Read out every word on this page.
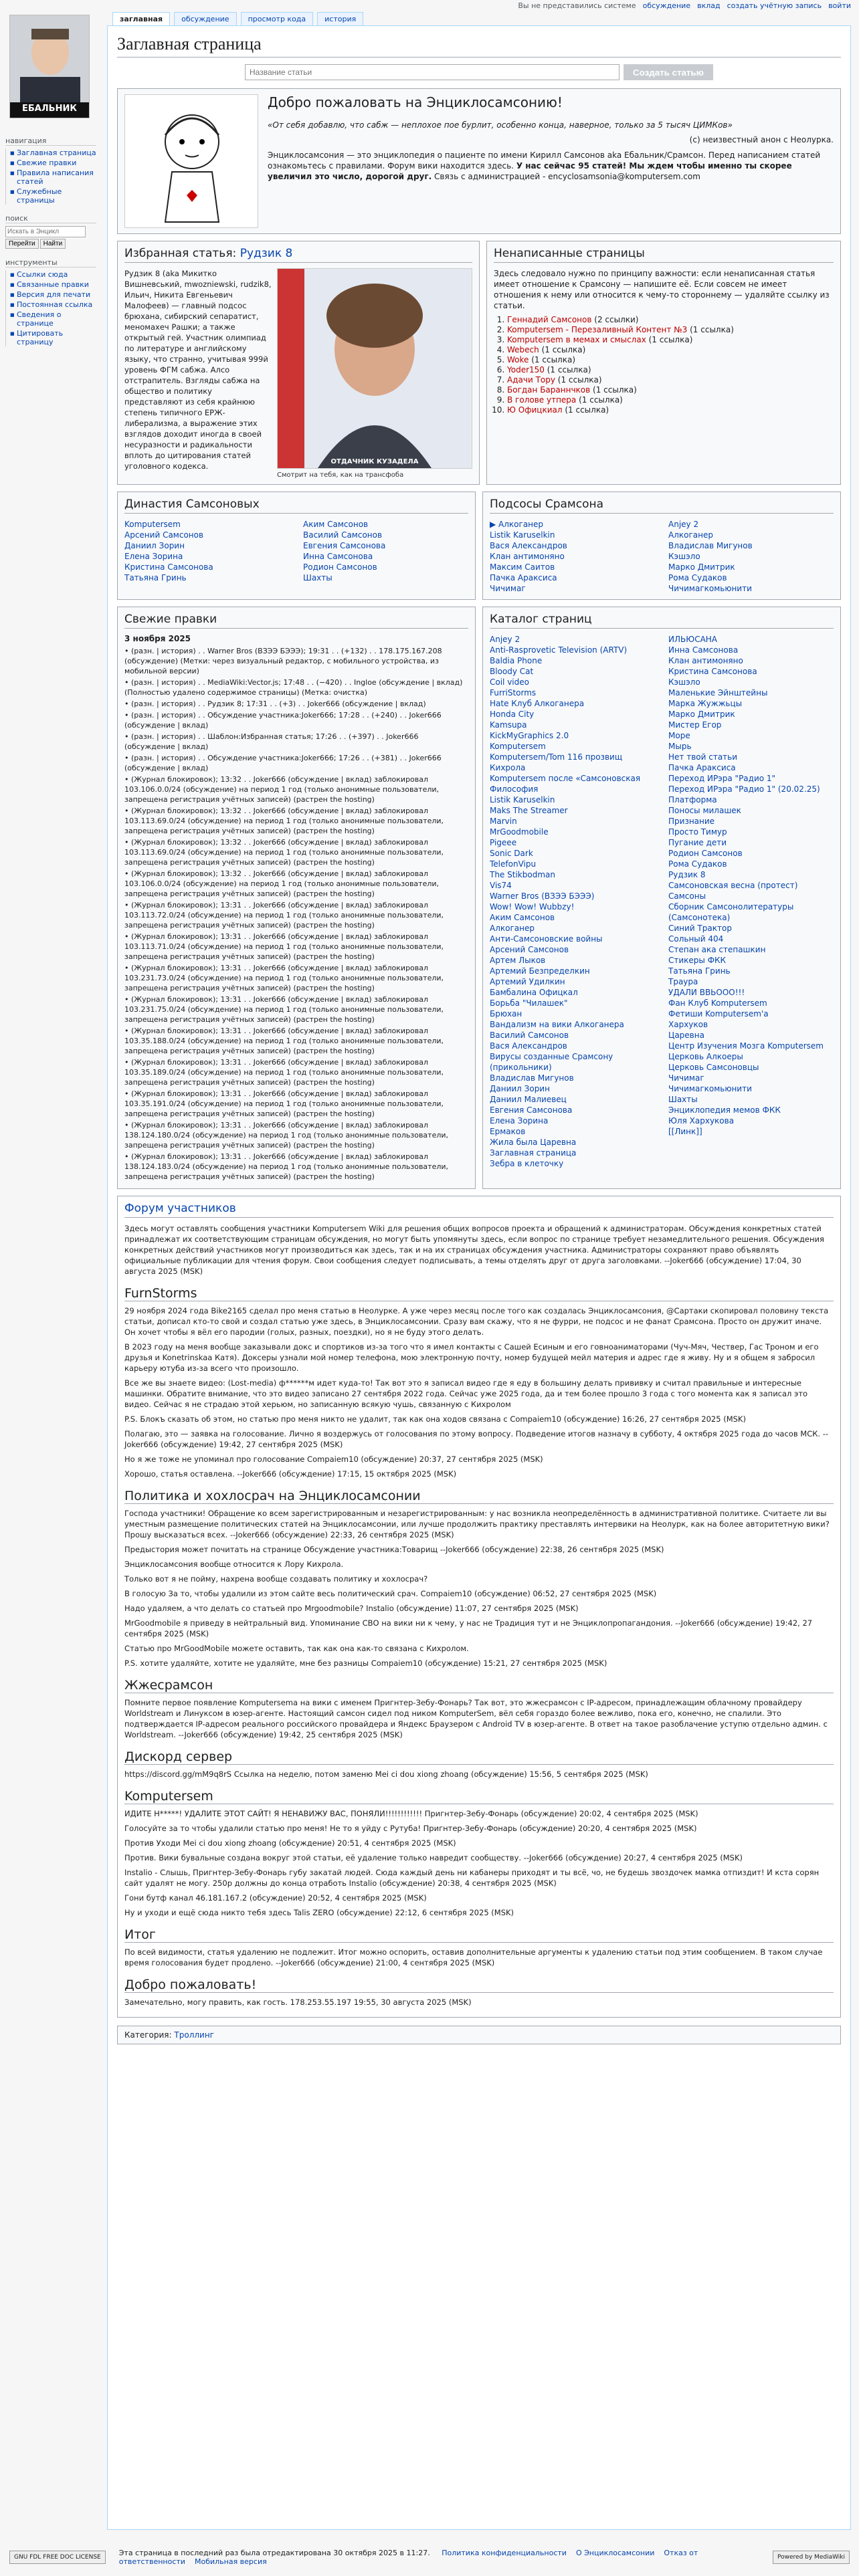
Вы не представились системе обсуждение вклад создать учётную запись войти
ЕБАЛЬНИК
навигация
■ Заглавная страница
■ Свежие правки
■ Правила написания статей
■ Служебные страницы
поиск
Искать в Энцикл
Перейти	Найти
инструменты
■ Ссылки сюда
■ Связанные правки
■ Версия для печати
■ Постоянная ссылка
■ Сведения о странице
■ Цитировать страницу
заглавная	обсуждение	просмотр кода	история
Заглавная страница
Название статьи
Создать статью
Добро пожаловать на Энциклосамсонию!

«От себя добавлю, что сабж — неплохое пое бурлит, особенно конца, наверное, только за 5 тысяч ЦИМКов»

(с) неизвестный анон с Неолурка.

Энциклосамсония — это энциклопедия о пациенте по имени Кирилл Самсонов aka Ебальник/Срамсон. Перед написанием статей ознакомьтесь с правилами. Форум вики находится здесь. У нас сейчас 95 статей! Мы ждем чтобы именно ты скорее увеличил это число, дорогой друг. Связь с администрацией - encyclosamsonia@komputersem.com

Избранная статья: Рудзик 8

Рудзик 8 (aka Микитко Вишневський, mwozniewski, rudzik8, Ильич, Никита Евгеньевич Малофеев) — главный подсос брюхана, сибирский сепаратист, меномахеч Рашки; а также открытый гей. Участник олимпиад по литературе и английскому языку, что странно, учитывая 999й уровень ФГМ сабжа. Алсо отстрапитель. Взгляды сабжа на общество и политику представляют из себя крайнюю степень типичного ЕРЖ-либерализма, а выражение этих взглядов доходит иногда в своей несуразности и радикальности вплоть до цитирования статей уголовного кодекса.	ОТДАЧНИК КУЗАДЕЛА
Смотрит на тебя, как на трансфоба
Ненаписанные страницы

Здесь следовало нужно по принципу важности: если ненаписанная статья имеет отношение к Срамсону — напишите её. Если совсем не имеет отношения к нему или относится к чему-то стороннему — удаляйте ссылку из статьи.

1. Геннадий Самсонов (2 ссылки)
2. Komputersem - Перезаливный Контент №3 (1 ссылка)
3. Komputersem в мемах и смыслах (1 ссылка)
4. Webech (1 ссылка)
5. Woke (1 ссылка)
6. Yoder150 (1 ссылка)
7. Адачи Тору (1 ссылка)
8. Богдан Бараннчков (1 ссылка)
9. В голове утпера (1 ссылка)
10. Ю Офицкиал (1 ссылка)
Династия Самсоновых
Komputersem	Аким Самсонов
Арсений Самсонов	Василий Самсонов
Даниил Зорин	Евгения Самсонова
Елена Зорина	Инна Самсонова
Кристина Самсонова	Родион Самсонов
Татьяна Гринь	Шахты
Подсосы Срамсона
▶ Алкоганер	Anjey 2
Listik Karuselkin	Алкоганер
Вася Александров	Владислав Мигунов
Клан антимоняно	Кэшэло
Максим Саитов	Марко Дмитрик
Пачка Араксиса	Рома Судаков
Чичимаг	Чичимагкомьюнити
Свежие правки
3 ноября 2025
• (разн. | история) . . Warner Bros (ВЗЭЭ БЭЭЭ); 19:31 . . (+132) . . 178.175.167.208 (обсуждение) (Метки: через визуальный редактор, с мобильного устройства, из мобильной версии)
• (разн. | история) . . MediaWiki:Vector.js; 17:48 . . (−420) . . Ingloe (обсуждение | вклад) (Полностью удалено содержимое страницы) (Метка: очистка)
• (разн. | история) . . Рудзик 8; 17:31 . . (+3) . . Joker666 (обсуждение | вклад)
• (разн. | история) . . Обсуждение участника:Joker666; 17:28 . . (+240) . . Joker666 (обсуждение | вклад)
• (разн. | история) . . Шаблон:Избранная статья; 17:26 . . (+397) . . Joker666 (обсуждение | вклад)
• (разн. | история) . . Обсуждение участника:Joker666; 17:26 . . (+381) . . Joker666 (обсуждение | вклад)
• (Журнал блокировок); 13:32 . . Joker666 (обсуждение | вклад) заблокировал 103.106.0.0/24 (обсуждение) на период 1 год (только анонимные пользователи, запрещена регистрация учётных записей) (растрен the hosting)
• (Журнал блокировок); 13:32 . . Joker666 (обсуждение | вклад) заблокировал 103.113.69.0/24 (обсуждение) на период 1 год (только анонимные пользователи, запрещена регистрация учётных записей) (растрен the hosting)
• (Журнал блокировок); 13:32 . . Joker666 (обсуждение | вклад) заблокировал 103.113.69.0/24 (обсуждение) на период 1 год (только анонимные пользователи, запрещена регистрация учётных записей) (растрен the hosting)
• (Журнал блокировок); 13:32 . . Joker666 (обсуждение | вклад) заблокировал 103.106.0.0/24 (обсуждение) на период 1 год (только анонимные пользователи, запрещена регистрация учётных записей) (растрен the hosting)
• (Журнал блокировок); 13:31 . . Joker666 (обсуждение | вклад) заблокировал 103.113.72.0/24 (обсуждение) на период 1 год (только анонимные пользователи, запрещена регистрация учётных записей) (растрен the hosting)
• (Журнал блокировок); 13:31 . . Joker666 (обсуждение | вклад) заблокировал 103.113.71.0/24 (обсуждение) на период 1 год (только анонимные пользователи, запрещена регистрация учётных записей) (растрен the hosting)
• (Журнал блокировок); 13:31 . . Joker666 (обсуждение | вклад) заблокировал 103.231.73.0/24 (обсуждение) на период 1 год (только анонимные пользователи, запрещена регистрация учётных записей) (растрен the hosting)
• (Журнал блокировок); 13:31 . . Joker666 (обсуждение | вклад) заблокировал 103.231.75.0/24 (обсуждение) на период 1 год (только анонимные пользователи, запрещена регистрация учётных записей) (растрен the hosting)
• (Журнал блокировок); 13:31 . . Joker666 (обсуждение | вклад) заблокировал 103.35.188.0/24 (обсуждение) на период 1 год (только анонимные пользователи, запрещена регистрация учётных записей) (растрен the hosting)
• (Журнал блокировок); 13:31 . . Joker666 (обсуждение | вклад) заблокировал 103.35.189.0/24 (обсуждение) на период 1 год (только анонимные пользователи, запрещена регистрация учётных записей) (растрен the hosting)
• (Журнал блокировок); 13:31 . . Joker666 (обсуждение | вклад) заблокировал 103.35.191.0/24 (обсуждение) на период 1 год (только анонимные пользователи, запрещена регистрация учётных записей) (растрен the hosting)
• (Журнал блокировок); 13:31 . . Joker666 (обсуждение | вклад) заблокировал 138.124.180.0/24 (обсуждение) на период 1 год (только анонимные пользователи, запрещена регистрация учётных записей) (растрен the hosting)
• (Журнал блокировок); 13:31 . . Joker666 (обсуждение | вклад) заблокировал 138.124.183.0/24 (обсуждение) на период 1 год (только анонимные пользователи, запрещена регистрация учётных записей) (растрен the hosting)
Каталог страниц
Anjey 2
Anti-Rasprovetic Television (ARTV)
Baldia Phone
Bloody Cat
Coil video
FurriStorms
Hate Клуб Алкоганера
Honda City
Kamsupa
KickMyGraphics 2.0
Komputersem
Komputersem/Tom 116 прозвищ Кихрола
Komputersem после «Самсоновская Философия
Listik Karuselkin
Maks The Streamer
Marvin
MrGoodmobile
Pigeee
Sonic Dark
TelefonVipu
The Stikbodman
Vis74
Warner Bros (ВЗЭЭ БЭЭЭ)
Wow! Wow! Wubbzy!
Аким Самсонов
Алкоганер
Анти-Самсоновские войны
Арсений Самсонов
Артем Лыков
Артемий Безпределкин
Артемий Удилкин
Бамбалина Офицкал
Борьба "Чилашек"
Брюхан
Вандализм на вики Алкоганера
Василий Самсонов
Вася Александров
Вирусы созданные Срамсону (прикольники)
Владислав Мигунов
Даниил Зорин
Даниил Малиевец
Евгения Самсонова
Елена Зорина
Ермаков
Жила была Царевна
Заглавная страница
Зебра в клеточку
ИЛЬЮСАНА
Инна Самсонова
Клан антимоняно
Кристина Самсонова
Кэшэло
Маленькие Эйнштейны
Марка Жужжьцы
Марко Дмитрик
Мистер Егор
Море
Мырь
Нет твой статьи
Пачка Араксиса
Переход ИРэра "Радио 1"
Переход ИРэра "Радио 1" (20.02.25)
Платформа
Поносы милашек
Признание
Просто Тимур
Пугание дети
Родион Самсонов
Рома Судаков
Рудзик 8
Самсоновская весна (протест)
Самсоны
Сборник Самсонолитературы (Самсонотека)
Синий Трактор
Сольный 404
Степан ака степашкин
Стикеры ФКК
Татьяна Гринь
Траура
УДАЛИ ВВЬООО!!!
Фан Клуб Komputersem
Фетиши Komputersem'а
Хархуков
Царевна
Центр Изучения Мозга Komputersem
Церковь Алкоеры
Церковь Самсоновцы
Чичимаг
Чичимагкомьюнити
Шахты
Энциклопедия мемов ФКК
Юля Хархукова
[[Линк]]
Форум участников

Здесь могут оставлять сообщения участники Komputersem Wiki для решения общих вопросов проекта и обращений к администраторам. Обсуждения конкретных статей принадлежат их соответствующим страницам обсуждения, но могут быть упомянуты здесь, если вопрос по странице требует незамедлительного решения. Обсуждения конкретных действий участников могут производиться как здесь, так и на их страницах обсуждения участника. Администраторы сохраняют право объявлять официальные публикации для чтения форум. Свои сообщения следует подписывать, а темы отделять друг от друга заголовками. --Joker666 (обсуждение) 17:04, 30 августа 2025 (MSK)

FurnStorms

29 ноября 2024 года Bike2165 сделал про меня статью в Неолурке. А уже через месяц после того как создалась Энциклосамсония, @Сартаки скопировал половину текста статьи, дописал кто-то свой и создал статью уже здесь, в Энциклосамсонии. Сразу вам скажу, что я не фурри, не подсос и не фанат Срамсона. Просто он дружит иначе. Он хочет чтобы я вёл его пародии (голых, разных, поездки), но я не буду этого делать.

В 2023 году на меня вообще заказывали докс и спортиков из-за того что я имел контакты с Сашей Есиным и его говноаниматорами (Чуч-Мяч, Чествер, Гас Троном и его друзья и Konetrinskaа Катя). Доксеры узнали мой номер телефона, мою электронную почту, номер будущей мейл материя и адрес где я живу. Ну и я общем я забросил карьеру ютуба из-за всего что произошло.

Все же вы знаете видео: (Lost-media) ф******м идет куда-то! Так вот это я записал видео где я еду в большину делать прививку и считал правильные и интересные машинки. Обратите внимание, что это видео записано 27 сентября 2022 года. Сейчас уже 2025 года, да и тем более прошло 3 года с того момента как я записал это видео. Сейчас я не страдаю этой херьюм, но записанную всякую чушь, связанную с Кихролом

P.S. Блокъ сказать об этом, но статью про меня никто не удалит, так как она ходов связана с Compaiem10 (обсуждение) 16:26, 27 сентября 2025 (MSK)

Полагаю, это — заявка на голосование. Лично я воздержусь от голосования по этому вопросу. Подведение итогов назначу в субботу, 4 октября 2025 года до часов МСК. --Joker666 (обсуждение) 19:42, 27 сентября 2025 (MSK)

Но я же тоже не упоминал про голосование Compaiem10 (обсуждение) 20:37, 27 сентября 2025 (MSK)

Хорошо, статья оставлена. --Joker666 (обсуждение) 17:15, 15 октября 2025 (MSK)

Политика и хохлосрач на Энциклосамсонии

Господа участники! Обращение ко всем зарегистрированным и незарегистрированным: у нас возникла неопределённость в административной политике. Считаете ли вы уместным размещение политических статей на Энциклосамсонии, или лучше продолжить практику преставлять интервики на Неолурк, как на более авторитетную вики? Прошу высказаться всех. --Joker666 (обсуждение) 22:33, 26 сентября 2025 (MSK)

Предыстория может почитать на странице Обсуждение участника:Товарищ --Joker666 (обсуждение) 22:38, 26 сентября 2025 (MSK)

Энциклосамсония вообще относится к Лору Кихрола.

Только вот я не пойму, нахрена вообще создавать политику и хохлосрач?

В голосую За то, чтобы удалили из этом сайте весь политический срач. Compaiem10 (обсуждение) 06:52, 27 сентября 2025 (MSK)

Надо удаляем, а что делать со статьей про Mrgoodmobile? Instalio (обсуждение) 11:07, 27 сентября 2025 (MSK)

MrGoodmobile я приведу в нейтральный вид. Упоминание СВО на вики ни к чему, у нас не Традиция тут и не Энциклопропагандония. --Joker666 (обсуждение) 19:42, 27 сентября 2025 (MSK)

Статью про MrGoodMobile можете оставить, так как она как-то связана с Кихролом.

P.S. хотите удаляйте, хотите не удаляйте, мне без разницы Compaiem10 (обсуждение) 15:21, 27 сентября 2025 (MSK)

Жжесрамсон

Помните первое появление Komputersema на вики с именем Пригнтер-Зебу-Фонарь? Так вот, это жжесрамсон с IP-адресом, принадлежащим облачному провайдеру Worldstream и Линуксом в юзер-агенте. Настоящий самсон сидел под ником KomputerSem, вёл себя гораздо более вежливо, пока его, конечно, не спалили. Это подтверждается IP-адресом реального российского провайдера и Яндекс Браузером с Android TV в юзер-агенте. В ответ на такое разоблачение уступю отдельно админ. с Worldstream. --Joker666 (обсуждение) 19:42, 25 сентября 2025 (MSK)

Дискорд сервер

https://discord.gg/mM9q8rS Ссылка на неделю, потом заменю Mei ci dou xiong zhoang (обсуждение) 15:56, 5 сентября 2025 (MSK)

Komputersem

ИДИТЕ Н*****! УДАЛИТЕ ЭТОТ САЙТ! Я НЕНАВИЖУ ВАС, ПОНЯЛИ!!!!!!!!!!!! Пригнтер-Зебу-Фонарь (обсуждение) 20:02, 4 сентября 2025 (MSK)

Голосуйте за то чтобы удалили статью про меня! Не то я уйду с Рутуба! Пригнтер-Зебу-Фонарь (обсуждение) 20:20, 4 сентября 2025 (MSK)

Против Уходи Mei ci dou xiong zhoang (обсуждение) 20:51, 4 сентября 2025 (MSK)

Против. Вики бувальные создана вокруг этой статьи, её удаление только навредит сообществу. --Joker666 (обсуждение) 20:27, 4 сентября 2025 (MSK)

Instalio - Слышь, Пригнтер-Зебу-Фонарь губу закатай людей. Сюда каждый день ни кабанеры приходят и ты всё, чо, не будешь звоздочек мамка отпиздит! И кста сорян сайт удалят не могу. 250р должны до конца отработь Instalio (обсуждение) 20:38, 4 сентября 2025 (MSK)

Гони бутф канал 46.181.167.2 (обсуждение) 20:52, 4 сентября 2025 (MSK)

Ну и уходи и ещё сюда никто тебя здесь Talis ZERO (обсуждение) 22:12, 6 сентября 2025 (MSK)

Итог

По всей видимости, статья удалению не подлежит. Итог можно оспорить, оставив дополнительные аргументы к удалению статьи под этим сообщением. В таком случае время голосования будет продлено. --Joker666 (обсуждение) 21:00, 4 сентября 2025 (MSK)

Добро пожаловать!

Замечательно, могу править, как гость. 178.253.55.197 19:55, 30 августа 2025 (MSK)

Категория: Троллинг
GNU FDL FREE DOC LICENSE	Эта страница в последний раз была отредактирована 30 октября 2025 в 11:27. Политика конфиденциальности О Энциклосамсонии Отказ от ответственности Мобильная версия	Powered by MediaWiki
